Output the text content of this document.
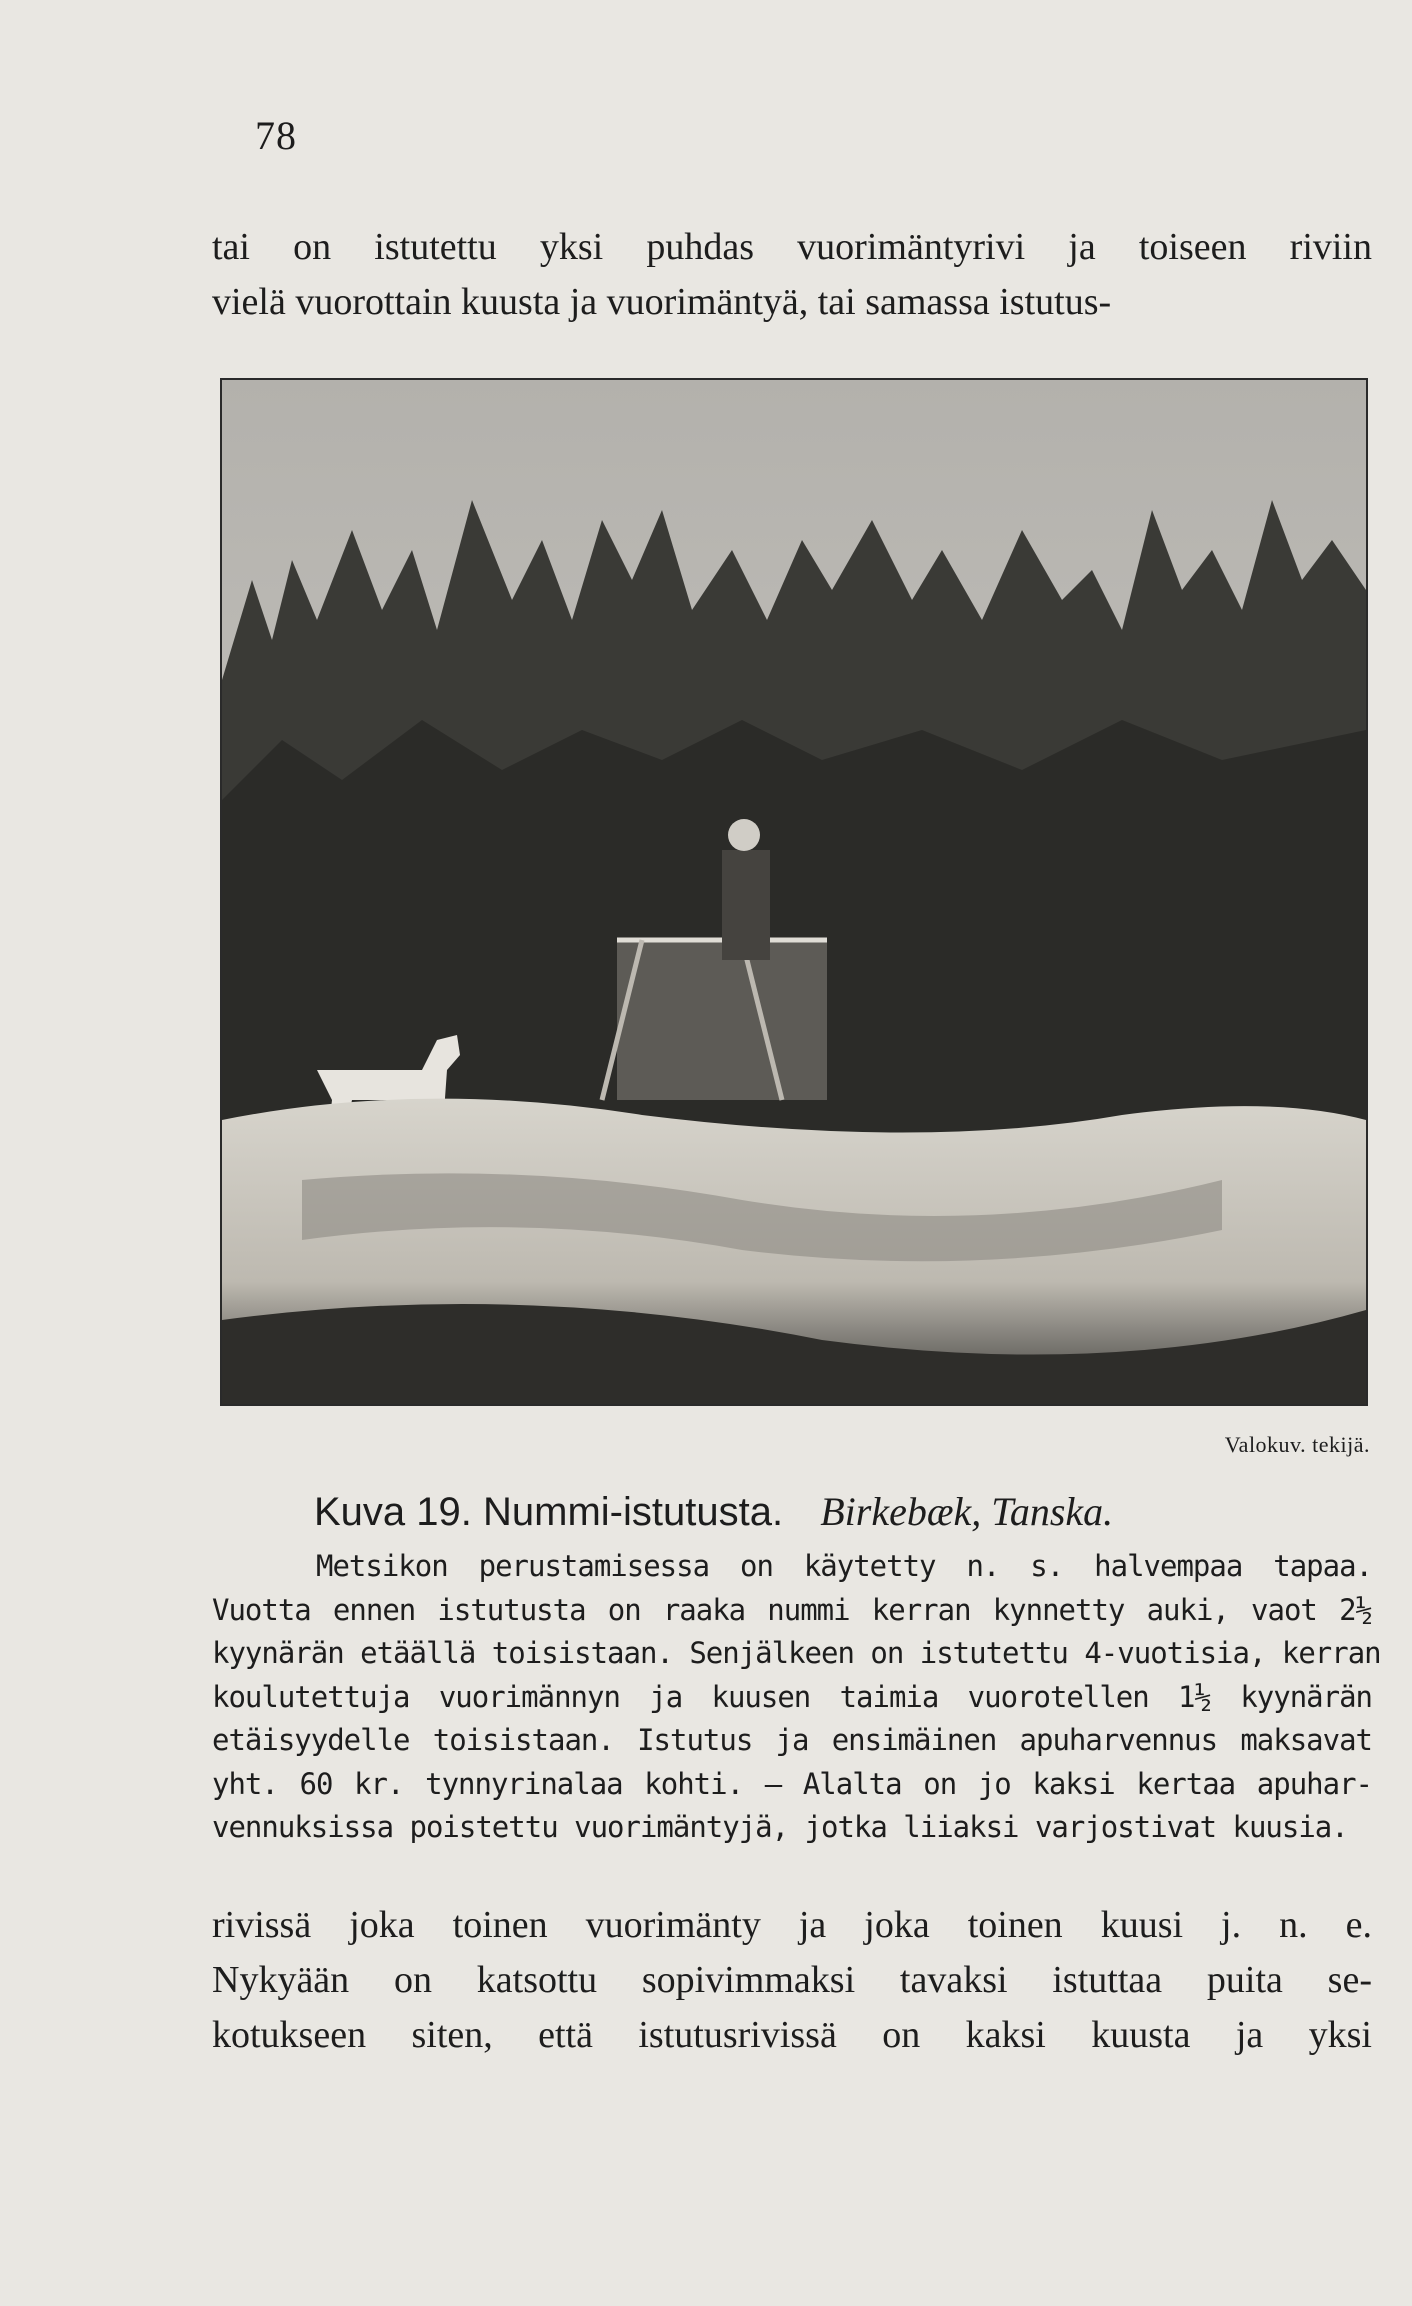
78
tai on istutettu yksi puhdas vuorimäntyrivi ja toiseen riviin
vielä vuorottain kuusta ja vuorimäntyä, tai samassa istutus-
Valokuv. tekijä.
Kuva 19. Nummi-istutusta. Birkebæk, Tanska.
Metsikon perustamisessa on käytetty n. s. halvempaa tapaa.
Vuotta ennen istutusta on raaka nummi kerran kynnetty auki, vaot 2½
kyynärän etäällä toisistaan. Senjälkeen on istutettu 4-vuotisia, kerran
koulutettuja vuorimännyn ja kuusen taimia vuorotellen 1½ kyynärän
etäisyydelle toisistaan. Istutus ja ensimäinen apuharvennus maksavat
yht. 60 kr. tynnyrinalaa kohti. — Alalta on jo kaksi kertaa apuhar-
vennuksissa poistettu vuorimäntyjä, jotka liiaksi varjostivat kuusia.
rivissä joka toinen vuorimänty ja joka toinen kuusi j. n. e.
Nykyään on katsottu sopivimmaksi tavaksi istuttaa puita se-
kotukseen siten, että istutusrivissä on kaksi kuusta ja yksi
